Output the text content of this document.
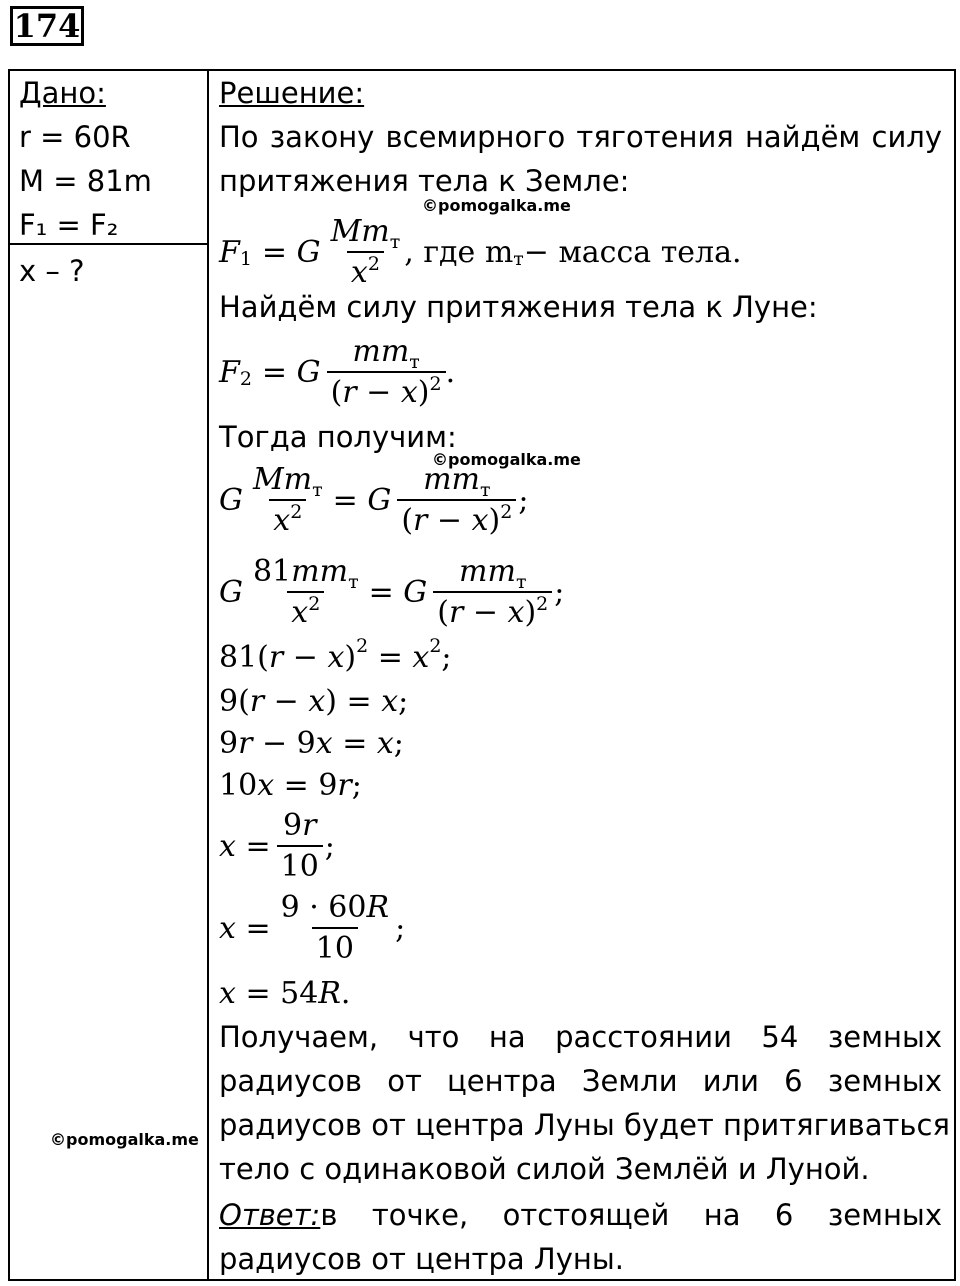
174
Дано:
r = 60R
M = 81m
F₁ = F₂
x – ?
Решение:
По закону всемирного тяготения найдём силу
притяжения тела к Земле:
©pomogalka.me
F 1 = G $\frac{Mm_т}{x^2}$ , где m т − масса тела.
Найдём силу притяжения тела к Луне:
F 2 = G $\frac{mm_т}{(r - x)^2}$ .
Тогда получим:
©pomogalka.me
G $\frac{Mm_т}{x^2} = G \frac{mm_т}{(r - x)^2}$ ;
G $\frac{81mm_т}{x^2} = G \frac{mm_т}{(r - x)^2}$ ;
81( r − x ) 2 = x 2 ;
9( r − x ) = x ;
9 r − 9 x = x ;
10 x = 9 r ;
$x = \frac{9r}{10}$ ;
$x = \frac{9 \cdot 60R}{10}$ ;
x = 54 R .
Получаем, что на расстоянии 54 земных
радиусов от центра Земли или 6 земных
радиусов от центра Луны будет притягиваться
тело с одинаковой силой Землёй и Луной.
©pomogalka.me
Ответ: в точке, отстоящей на 6 земных
радиусов от центра Луны.
